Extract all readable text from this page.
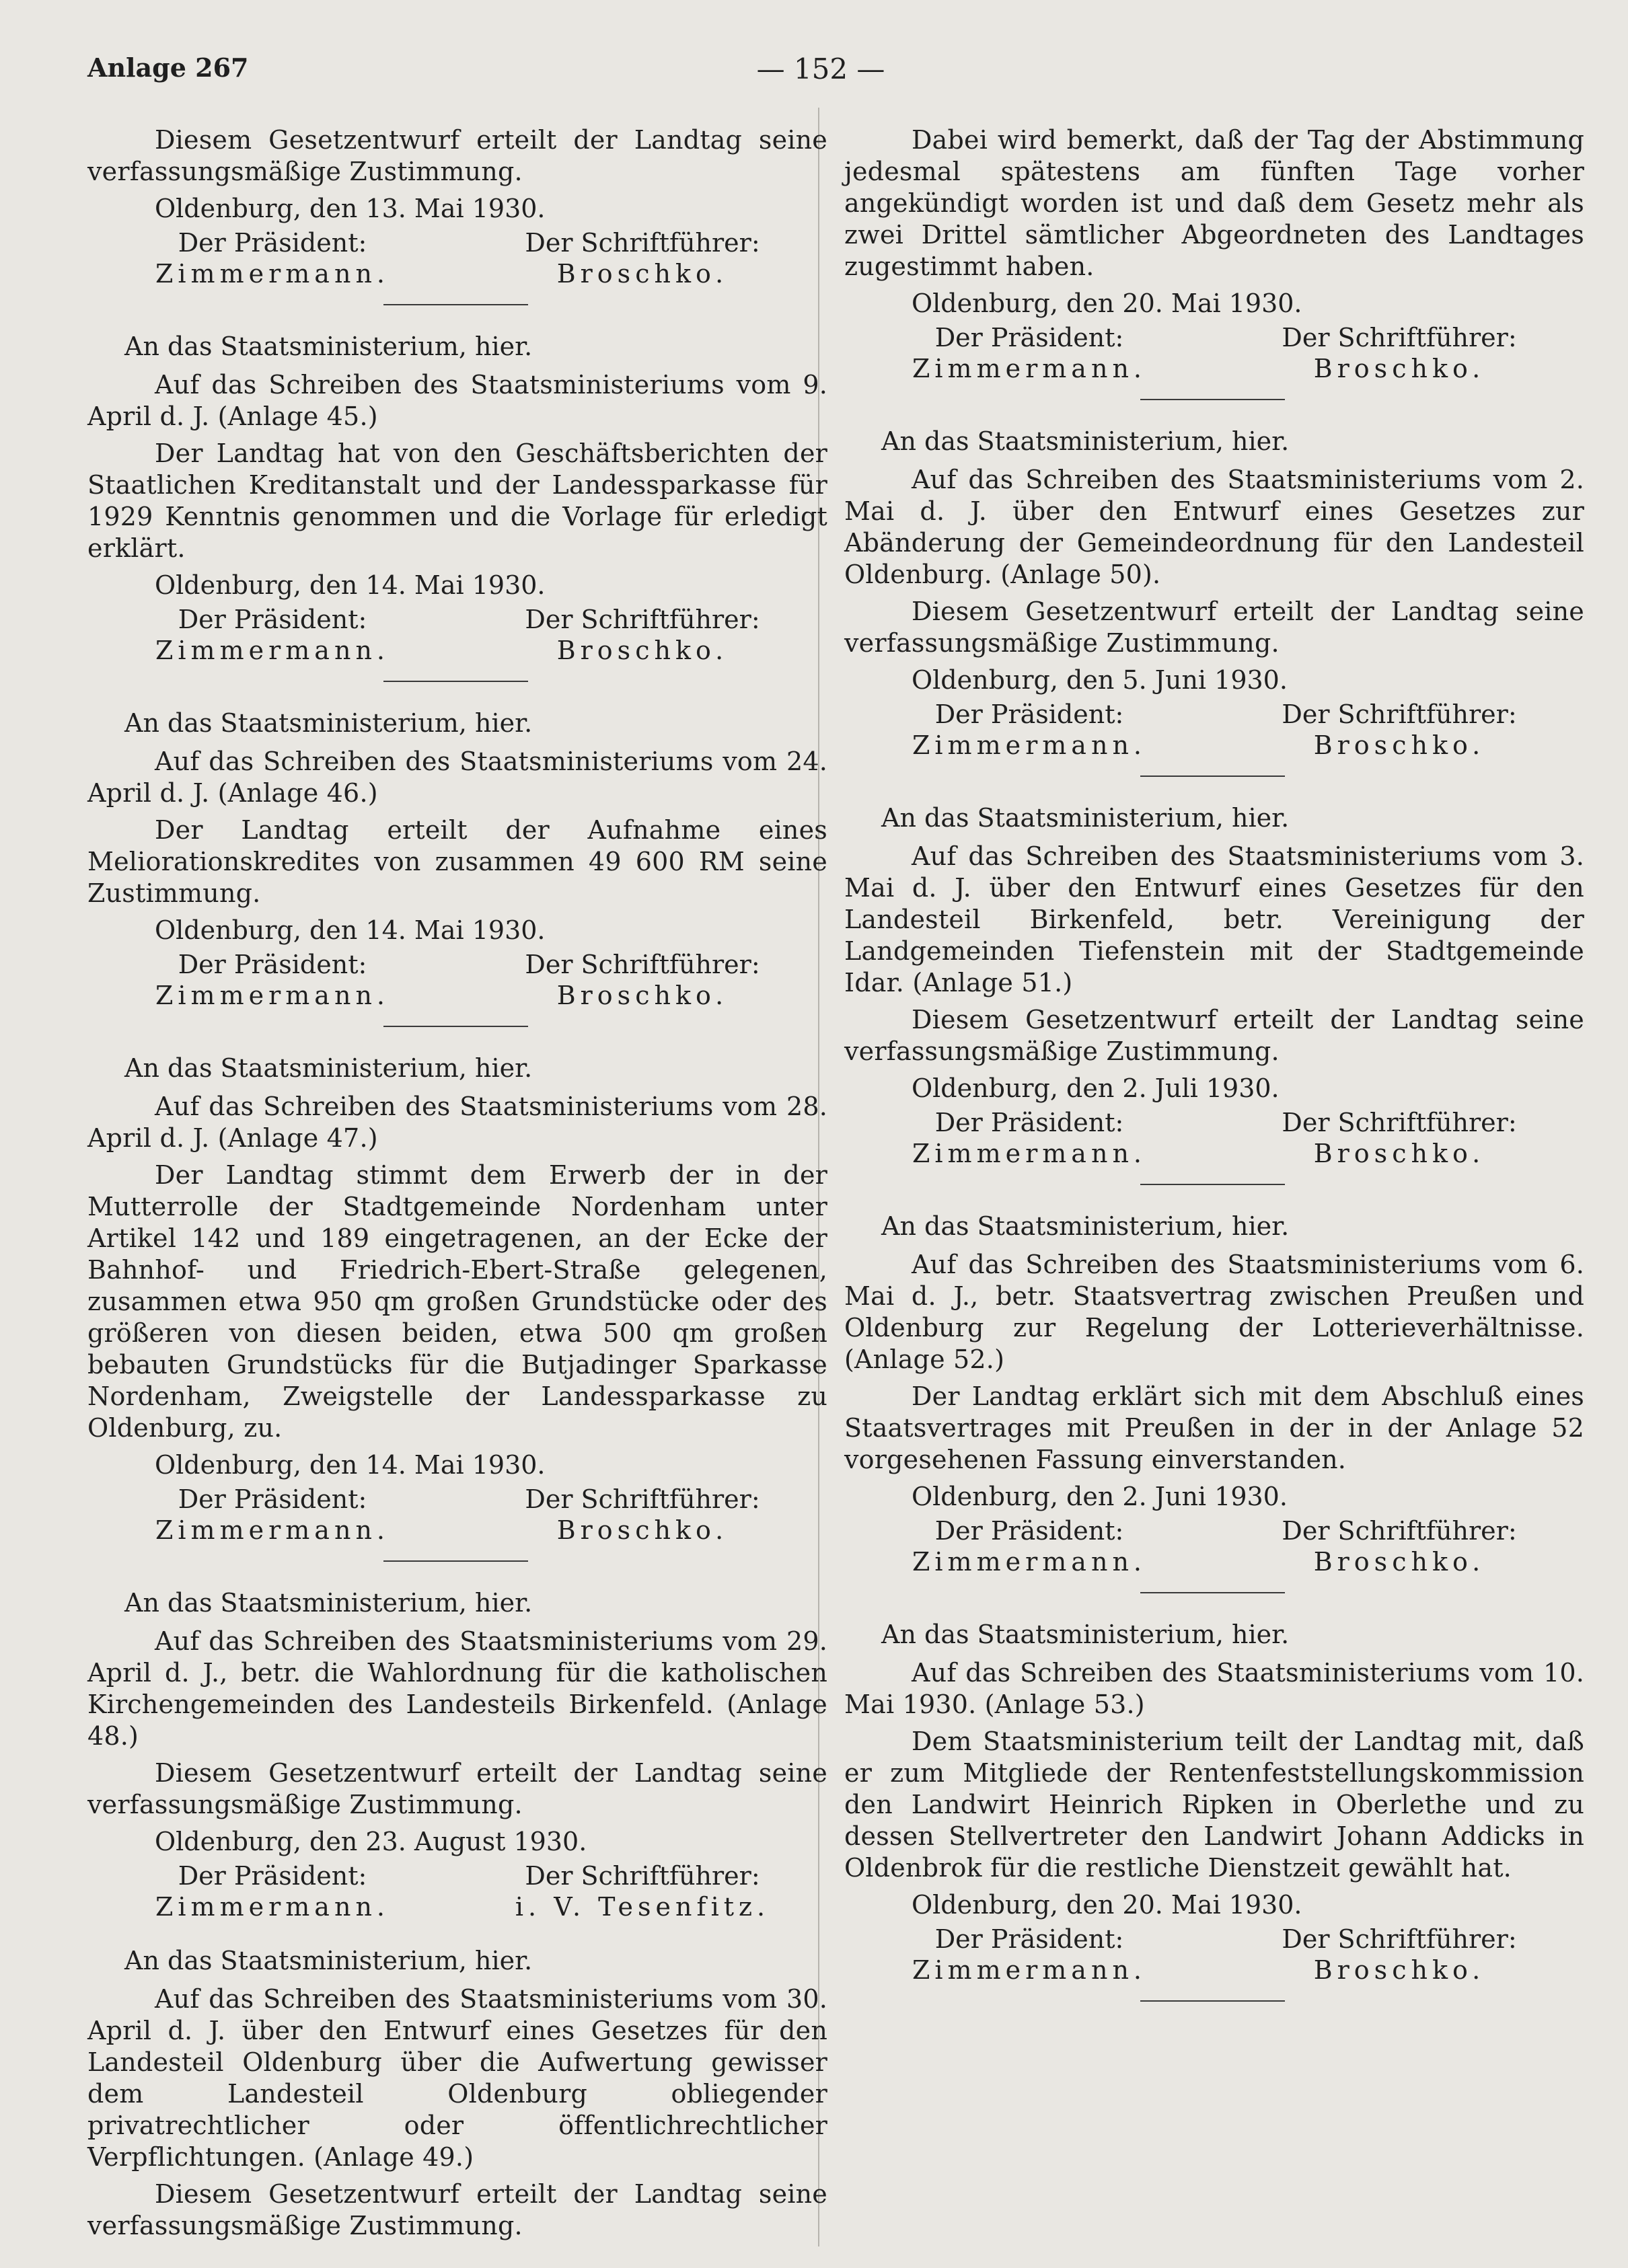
Anlage 267	— 152 —

Diesem Gesetzentwurf erteilt der Landtag seine verfassungsmäßige Zustimmung.

Oldenburg, den 13. Mai 1930.
Der Präsident:	Der Schriftführer:
Zimmermann.	Broschko.
An das Staatsministerium, hier.

Auf das Schreiben des Staatsministeriums vom 9. April d. J. (Anlage 45.)

Der Landtag hat von den Geschäftsberichten der Staatlichen Kreditanstalt und der Landessparkasse für 1929 Kenntnis genommen und die Vorlage für erledigt erklärt.

Oldenburg, den 14. Mai 1930.
Der Präsident:	Der Schriftführer:
Zimmermann.	Broschko.
An das Staatsministerium, hier.

Auf das Schreiben des Staatsministeriums vom 24. April d. J. (Anlage 46.)

Der Landtag erteilt der Aufnahme eines Meliorationskredites von zusammen 49 600 RM seine Zustimmung.

Oldenburg, den 14. Mai 1930.
Der Präsident:	Der Schriftführer:
Zimmermann.	Broschko.
An das Staatsministerium, hier.

Auf das Schreiben des Staatsministeriums vom 28. April d. J. (Anlage 47.)

Der Landtag stimmt dem Erwerb der in der Mutterrolle der Stadtgemeinde Nordenham unter Artikel 142 und 189 eingetragenen, an der Ecke der Bahnhof- und Friedrich-Ebert-Straße gelegenen, zusammen etwa 950 qm großen Grundstücke oder des größeren von diesen beiden, etwa 500 qm großen bebauten Grundstücks für die Butjadinger Sparkasse Nordenham, Zweigstelle der Landessparkasse zu Oldenburg, zu.

Oldenburg, den 14. Mai 1930.
Der Präsident:	Der Schriftführer:
Zimmermann.	Broschko.
An das Staatsministerium, hier.

Auf das Schreiben des Staatsministeriums vom 29. April d. J., betr. die Wahlordnung für die katholischen Kirchengemeinden des Landesteils Birkenfeld. (Anlage 48.)

Diesem Gesetzentwurf erteilt der Landtag seine verfassungsmäßige Zustimmung.

Oldenburg, den 23. August 1930.
Der Präsident:	Der Schriftführer:
Zimmermann.	i. V. Tesenfitz.
An das Staatsministerium, hier.

Auf das Schreiben des Staatsministeriums vom 30. April d. J. über den Entwurf eines Gesetzes für den Landesteil Oldenburg über die Aufwertung gewisser dem Landesteil Oldenburg obliegender privatrechtlicher oder öffentlichrechtlicher Verpflichtungen. (Anlage 49.)

Diesem Gesetzentwurf erteilt der Landtag seine verfassungsmäßige Zustimmung.

Dabei wird bemerkt, daß der Tag der Abstimmung jedesmal spätestens am fünften Tage vorher angekündigt worden ist und daß dem Gesetz mehr als zwei Drittel sämtlicher Abgeordneten des Landtages zugestimmt haben.

Oldenburg, den 20. Mai 1930.
Der Präsident:	Der Schriftführer:
Zimmermann.	Broschko.
An das Staatsministerium, hier.

Auf das Schreiben des Staatsministeriums vom 2. Mai d. J. über den Entwurf eines Gesetzes zur Abänderung der Gemeindeordnung für den Landesteil Oldenburg. (Anlage 50).

Diesem Gesetzentwurf erteilt der Landtag seine verfassungsmäßige Zustimmung.

Oldenburg, den 5. Juni 1930.
Der Präsident:	Der Schriftführer:
Zimmermann.	Broschko.
An das Staatsministerium, hier.

Auf das Schreiben des Staatsministeriums vom 3. Mai d. J. über den Entwurf eines Gesetzes für den Landesteil Birkenfeld, betr. Vereinigung der Landgemeinden Tiefenstein mit der Stadtgemeinde Idar. (Anlage 51.)

Diesem Gesetzentwurf erteilt der Landtag seine verfassungsmäßige Zustimmung.

Oldenburg, den 2. Juli 1930.
Der Präsident:	Der Schriftführer:
Zimmermann.	Broschko.
An das Staatsministerium, hier.

Auf das Schreiben des Staatsministeriums vom 6. Mai d. J., betr. Staatsvertrag zwischen Preußen und Oldenburg zur Regelung der Lotterieverhältnisse. (Anlage 52.)

Der Landtag erklärt sich mit dem Abschluß eines Staatsvertrages mit Preußen in der in der Anlage 52 vorgesehenen Fassung einverstanden.

Oldenburg, den 2. Juni 1930.
Der Präsident:	Der Schriftführer:
Zimmermann.	Broschko.
An das Staatsministerium, hier.

Auf das Schreiben des Staatsministeriums vom 10. Mai 1930. (Anlage 53.)

Dem Staatsministerium teilt der Landtag mit, daß er zum Mitgliede der Rentenfeststellungskommission den Landwirt Heinrich Ripken in Oberlethe und zu dessen Stellvertreter den Landwirt Johann Addicks in Oldenbrok für die restliche Dienstzeit gewählt hat.

Oldenburg, den 20. Mai 1930.
Der Präsident:	Der Schriftführer:
Zimmermann.	Broschko.
